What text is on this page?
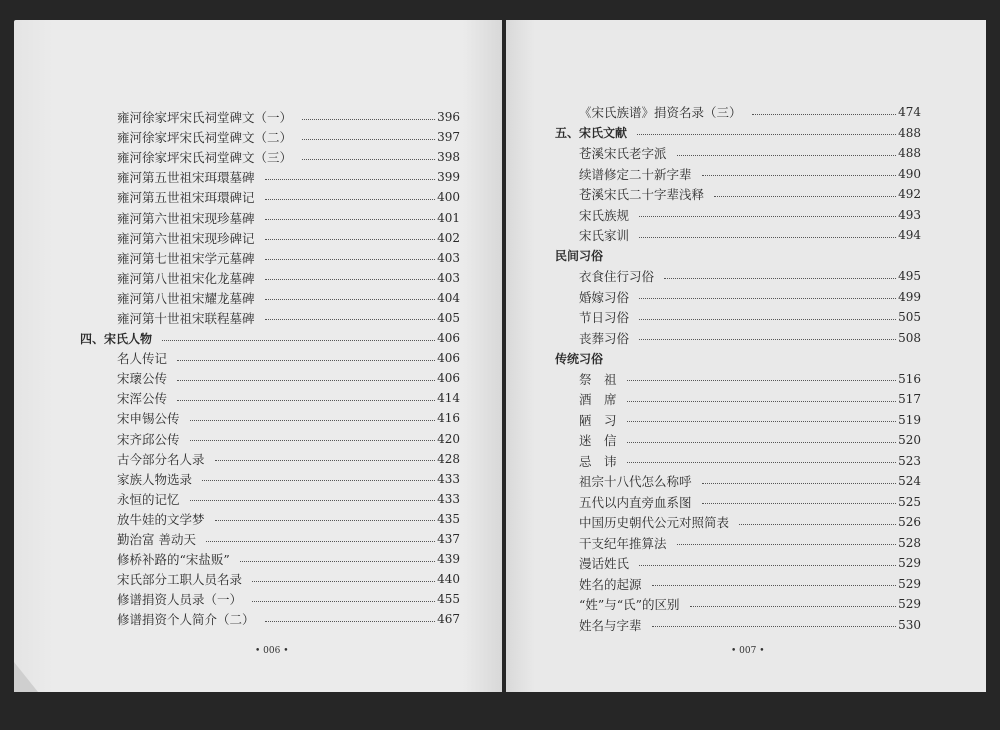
雍河徐家坪宋氏祠堂碑文（一）	396
雍河徐家坪宋氏祠堂碑文（二）	397
雍河徐家坪宋氏祠堂碑文（三）	398
雍河第五世祖宋珥環墓碑	399
雍河第五世祖宋珥環碑记	400
雍河第六世祖宋现珍墓碑	401
雍河第六世祖宋现珍碑记	402
雍河第七世祖宋学元墓碑	403
雍河第八世祖宋化龙墓碑	403
雍河第八世祖宋耀龙墓碑	404
雍河第十世祖宋联程墓碑	405
四、宋氏人物	406
名人传记	406
宋瓌公传	406
宋浑公传	414
宋申锡公传	416
宋齐邱公传	420
古今部分名人录	428
家族人物选录	433
永恒的记忆	433
放牛娃的文学梦	435
勤治富 善动天	437
修桥补路的“宋盐贩”	439
宋氏部分工职人员名录	440
修谱捐资人员录（一）	455
修谱捐资个人简介（二）	467
• 006 •
《宋氏族谱》捐资名录（三）	474
五、宋氏文献	488
苍溪宋氏老字派	488
续谱修定二十新字辈	490
苍溪宋氏二十字辈浅释	492
宋氏族规	493
宋氏家训	494
民间习俗
衣食住行习俗	495
婚嫁习俗	499
节日习俗	505
丧葬习俗	508
传统习俗
祭　祖	516
酒　席	517
陋　习	519
迷　信	520
忌　讳	523
祖宗十八代怎么称呼	524
五代以内直旁血系图	525
中国历史朝代公元对照简表	526
干支纪年推算法	528
漫话姓氏	529
姓名的起源	529
“姓”与“氏”的区别	529
姓名与字辈	530
• 007 •
